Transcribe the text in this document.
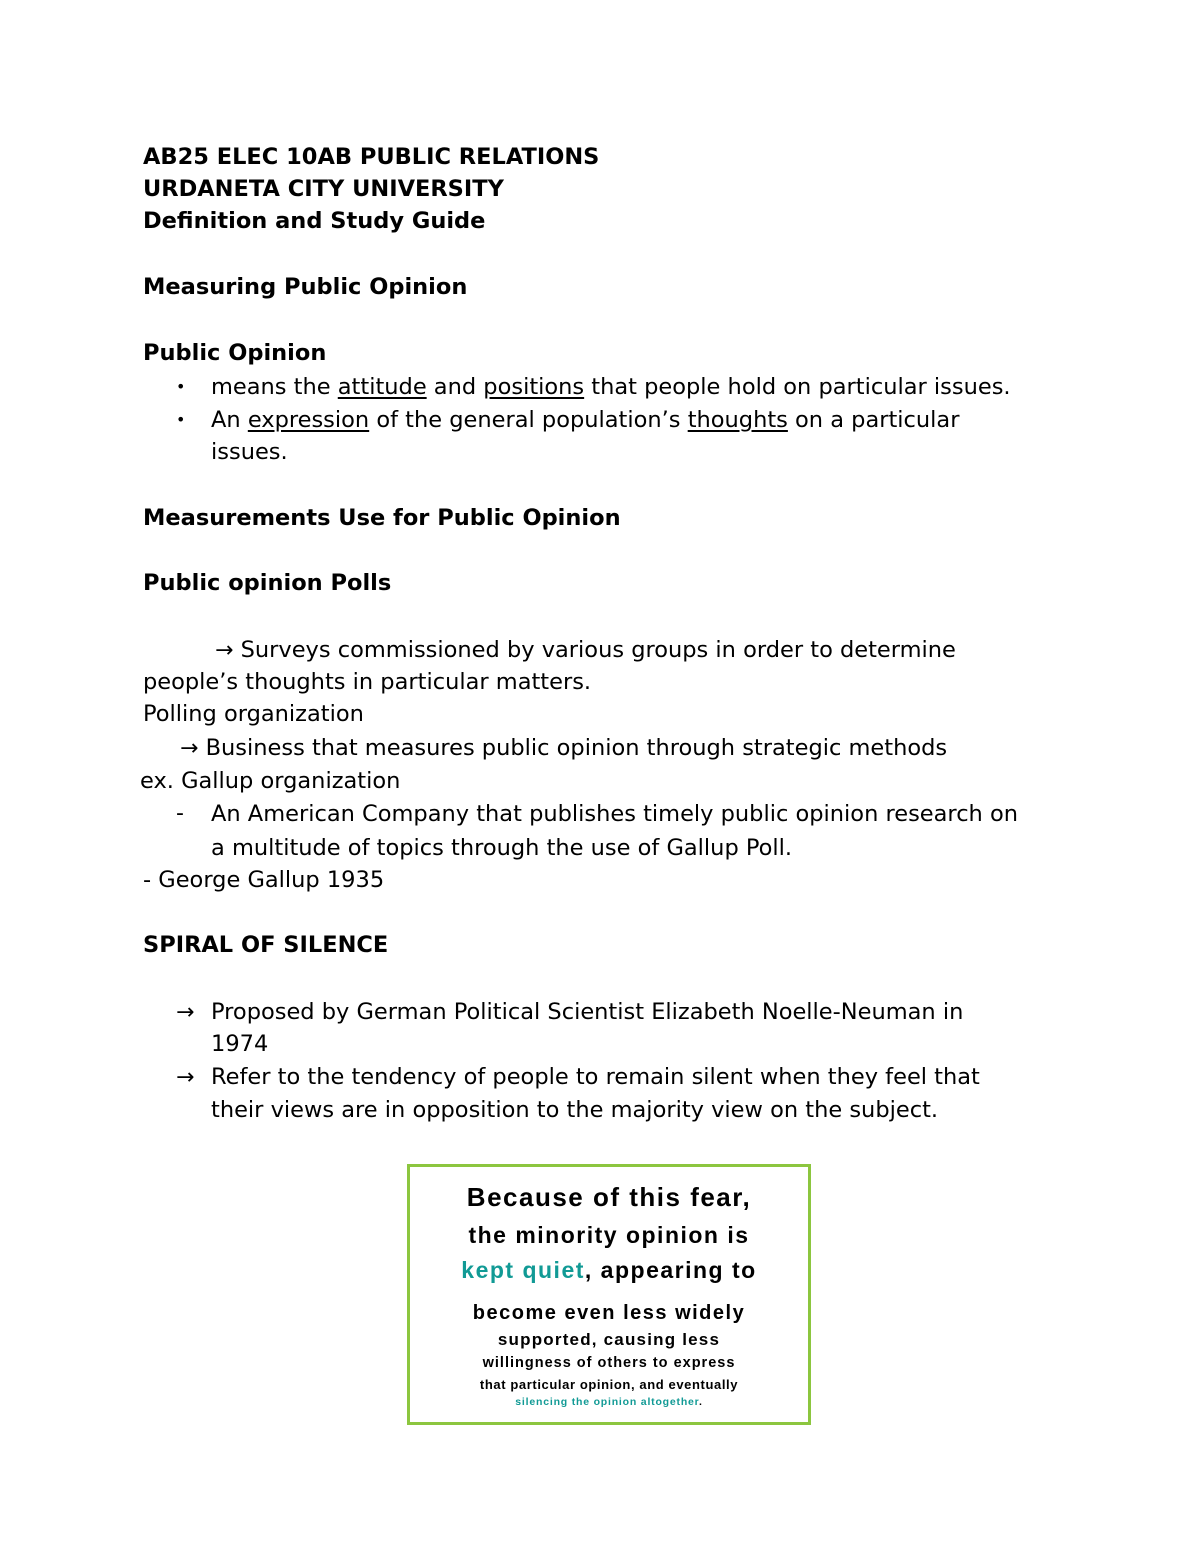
AB25 ELEC 10AB PUBLIC RELATIONS
URDANETA CITY UNIVERSITY
Definition and Study Guide
Measuring Public Opinion
Public Opinion
• means the attitude and positions that people hold on particular issues.
• An expression of the general population’s thoughts on a particular
issues.
Measurements Use for Public Opinion
Public opinion Polls
→ Surveys commissioned by various groups in order to determine
people’s thoughts in particular matters.
Polling organization
→ Business that measures public opinion through strategic methods
ex. Gallup organization
- An American Company that publishes timely public opinion research on
a multitude of topics through the use of Gallup Poll.
- George Gallup 1935
SPIRAL OF SILENCE
→ Proposed by German Political Scientist Elizabeth Noelle-Neuman in
1974
→ Refer to the tendency of people to remain silent when they feel that
their views are in opposition to the majority view on the subject.
Because of this fear,
the minority opinion is
kept quiet, appearing to
become even less widely
supported, causing less
willingness of others to express
that particular opinion, and eventually
silencing the opinion altogether.
